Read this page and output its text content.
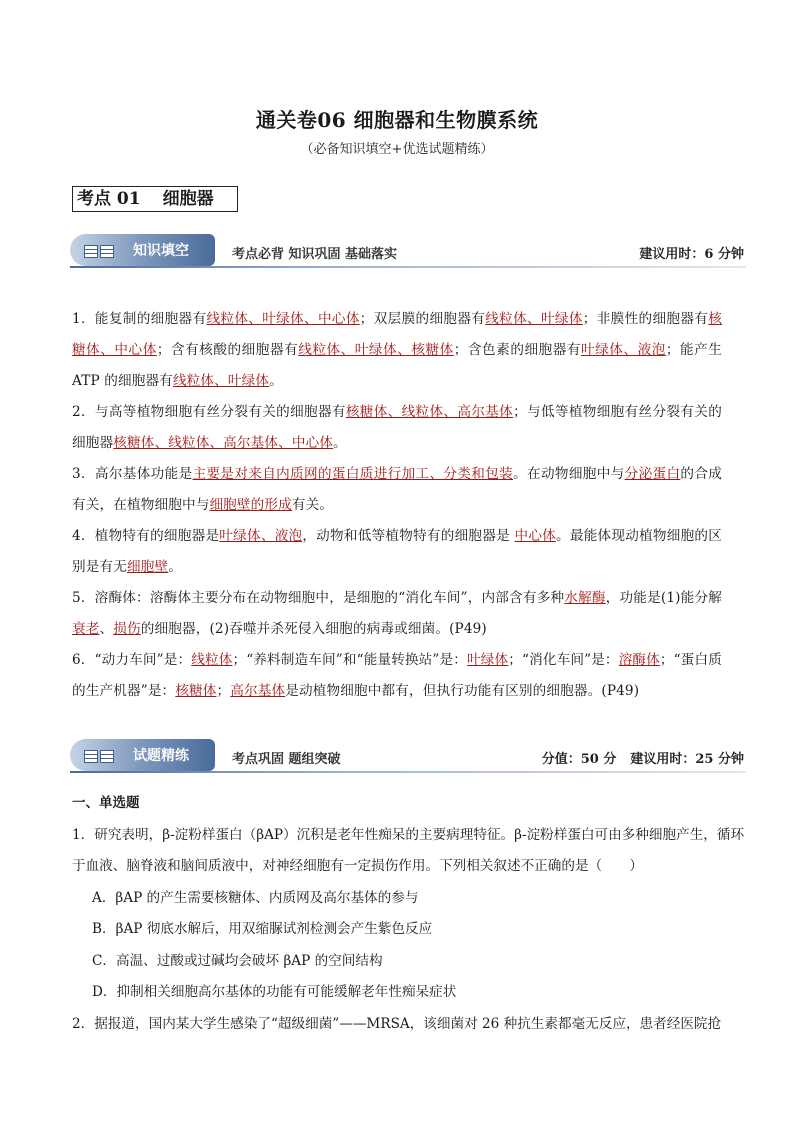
通关卷06 细胞器和生物膜系统
（必备知识填空+优选试题精练）
考点 01 细胞器
知识填空	考点必背 知识巩固 基础落实	建议用时：6 分钟
1．能复制的细胞器有线粒体、叶绿体、中心体；双层膜的细胞器有线粒体、叶绿体；非膜性的细胞器有核糖体、中心体；含有核酸的细胞器有线粒体、叶绿体、核糖体；含色素的细胞器有叶绿体、液泡；能产生 ATP 的细胞器有线粒体、叶绿体。
2．与高等植物细胞有丝分裂有关的细胞器有核糖体、线粒体、高尔基体；与低等植物细胞有丝分裂有关的细胞器核糖体、线粒体、高尔基体、中心体。
3．高尔基体功能是主要是对来自内质网的蛋白质进行加工、分类和包装。在动物细胞中与分泌蛋白的合成有关，在植物细胞中与细胞壁的形成有关。
4．植物特有的细胞器是叶绿体、液泡，动物和低等植物特有的细胞器是 中心体。最能体现动植物细胞的区别是有无细胞壁。
5．溶酶体：溶酶体主要分布在动物细胞中，是细胞的“消化车间”，内部含有多种水解酶，功能是(1)能分解衰老、损伤的细胞器，(2)吞噬并杀死侵入细胞的病毒或细菌。(P49)
6．“动力车间”是：线粒体；“养料制造车间”和“能量转换站”是：叶绿体；“消化车间”是：溶酶体；“蛋白质的生产机器”是：核糖体；高尔基体是动植物细胞中都有，但执行功能有区别的细胞器。(P49)
试题精练	考点巩固 题组突破	分值：50 分 建议用时：25 分钟
一、单选题
1．研究表明，β-淀粉样蛋白（βAP）沉积是老年性痴呆的主要病理特征。β-淀粉样蛋白可由多种细胞产生，循环于血液、脑脊液和脑间质液中，对神经细胞有一定损伤作用。下列相关叙述不正确的是（　　）
A．βAP 的产生需要核糖体、内质网及高尔基体的参与
B．βAP 彻底水解后，用双缩脲试剂检测会产生紫色反应
C．高温、过酸或过碱均会破坏 βAP 的空间结构
D．抑制相关细胞高尔基体的功能有可能缓解老年性痴呆症状
2．据报道，国内某大学生感染了“超级细菌”——MRSA，该细菌对 26 种抗生素都毫无反应，患者经医院抢
